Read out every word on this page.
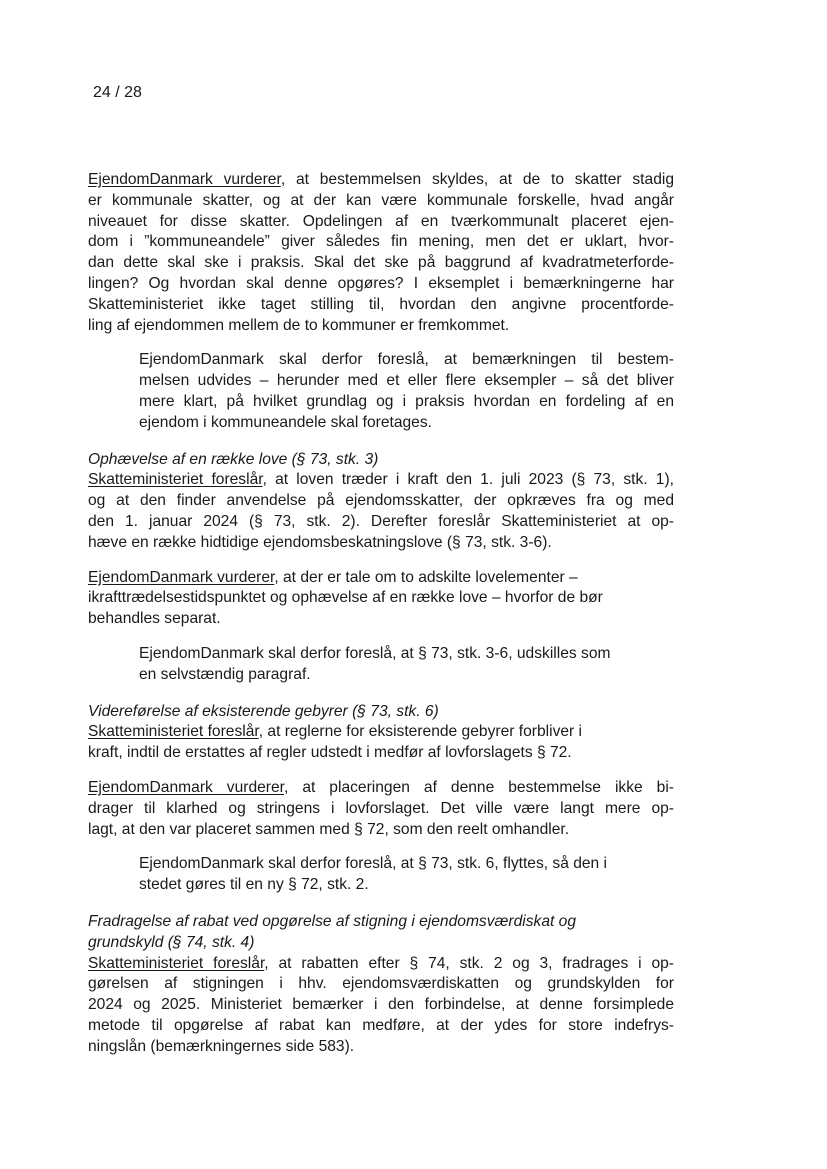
24 / 28

EjendomDanmark vurderer, at bestemmelsen skyldes, at de to skatter stadig
er kommunale skatter, og at der kan være kommunale forskelle, hvad angår
niveauet for disse skatter. Opdelingen af en tværkommunalt placeret ejen-
dom i ”kommuneandele” giver således fin mening, men det er uklart, hvor-
dan dette skal ske i praksis. Skal det ske på baggrund af kvadratmeterforde-
lingen? Og hvordan skal denne opgøres? I eksemplet i bemærkningerne har
Skatteministeriet ikke taget stilling til, hvordan den angivne procentforde-
ling af ejendommen mellem de to kommuner er fremkommet.

EjendomDanmark skal derfor foreslå, at bemærkningen til bestem-
melsen udvides – herunder med et eller flere eksempler – så det bliver
mere klart, på hvilket grundlag og i praksis hvordan en fordeling af en
ejendom i kommuneandele skal foretages.

Ophævelse af en række love (§ 73, stk. 3)
Skatteministeriet foreslår, at loven træder i kraft den 1. juli 2023 (§ 73, stk. 1),
og at den finder anvendelse på ejendomsskatter, der opkræves fra og med
den 1. januar 2024 (§ 73, stk. 2). Derefter foreslår Skatteministeriet at op-
hæve en række hidtidige ejendomsbeskatningslove (§ 73, stk. 3-6).

EjendomDanmark vurderer, at der er tale om to adskilte lovelementer –
ikrafttrædelsestidspunktet og ophævelse af en række love – hvorfor de bør
behandles separat.

EjendomDanmark skal derfor foreslå, at § 73, stk. 3-6, udskilles som
en selvstændig paragraf.

Videreførelse af eksisterende gebyrer (§ 73, stk. 6)
Skatteministeriet foreslår, at reglerne for eksisterende gebyrer forbliver i
kraft, indtil de erstattes af regler udstedt i medfør af lovforslagets § 72.

EjendomDanmark vurderer, at placeringen af denne bestemmelse ikke bi-
drager til klarhed og stringens i lovforslaget. Det ville være langt mere op-
lagt, at den var placeret sammen med § 72, som den reelt omhandler.

EjendomDanmark skal derfor foreslå, at § 73, stk. 6, flyttes, så den i
stedet gøres til en ny § 72, stk. 2.

Fradragelse af rabat ved opgørelse af stigning i ejendomsværdiskat og
grundskyld (§ 74, stk. 4)
Skatteministeriet foreslår, at rabatten efter § 74, stk. 2 og 3, fradrages i op-
gørelsen af stigningen i hhv. ejendomsværdiskatten og grundskylden for
2024 og 2025. Ministeriet bemærker i den forbindelse, at denne forsimplede
metode til opgørelse af rabat kan medføre, at der ydes for store indefrys-
ningslån (bemærkningernes side 583).
